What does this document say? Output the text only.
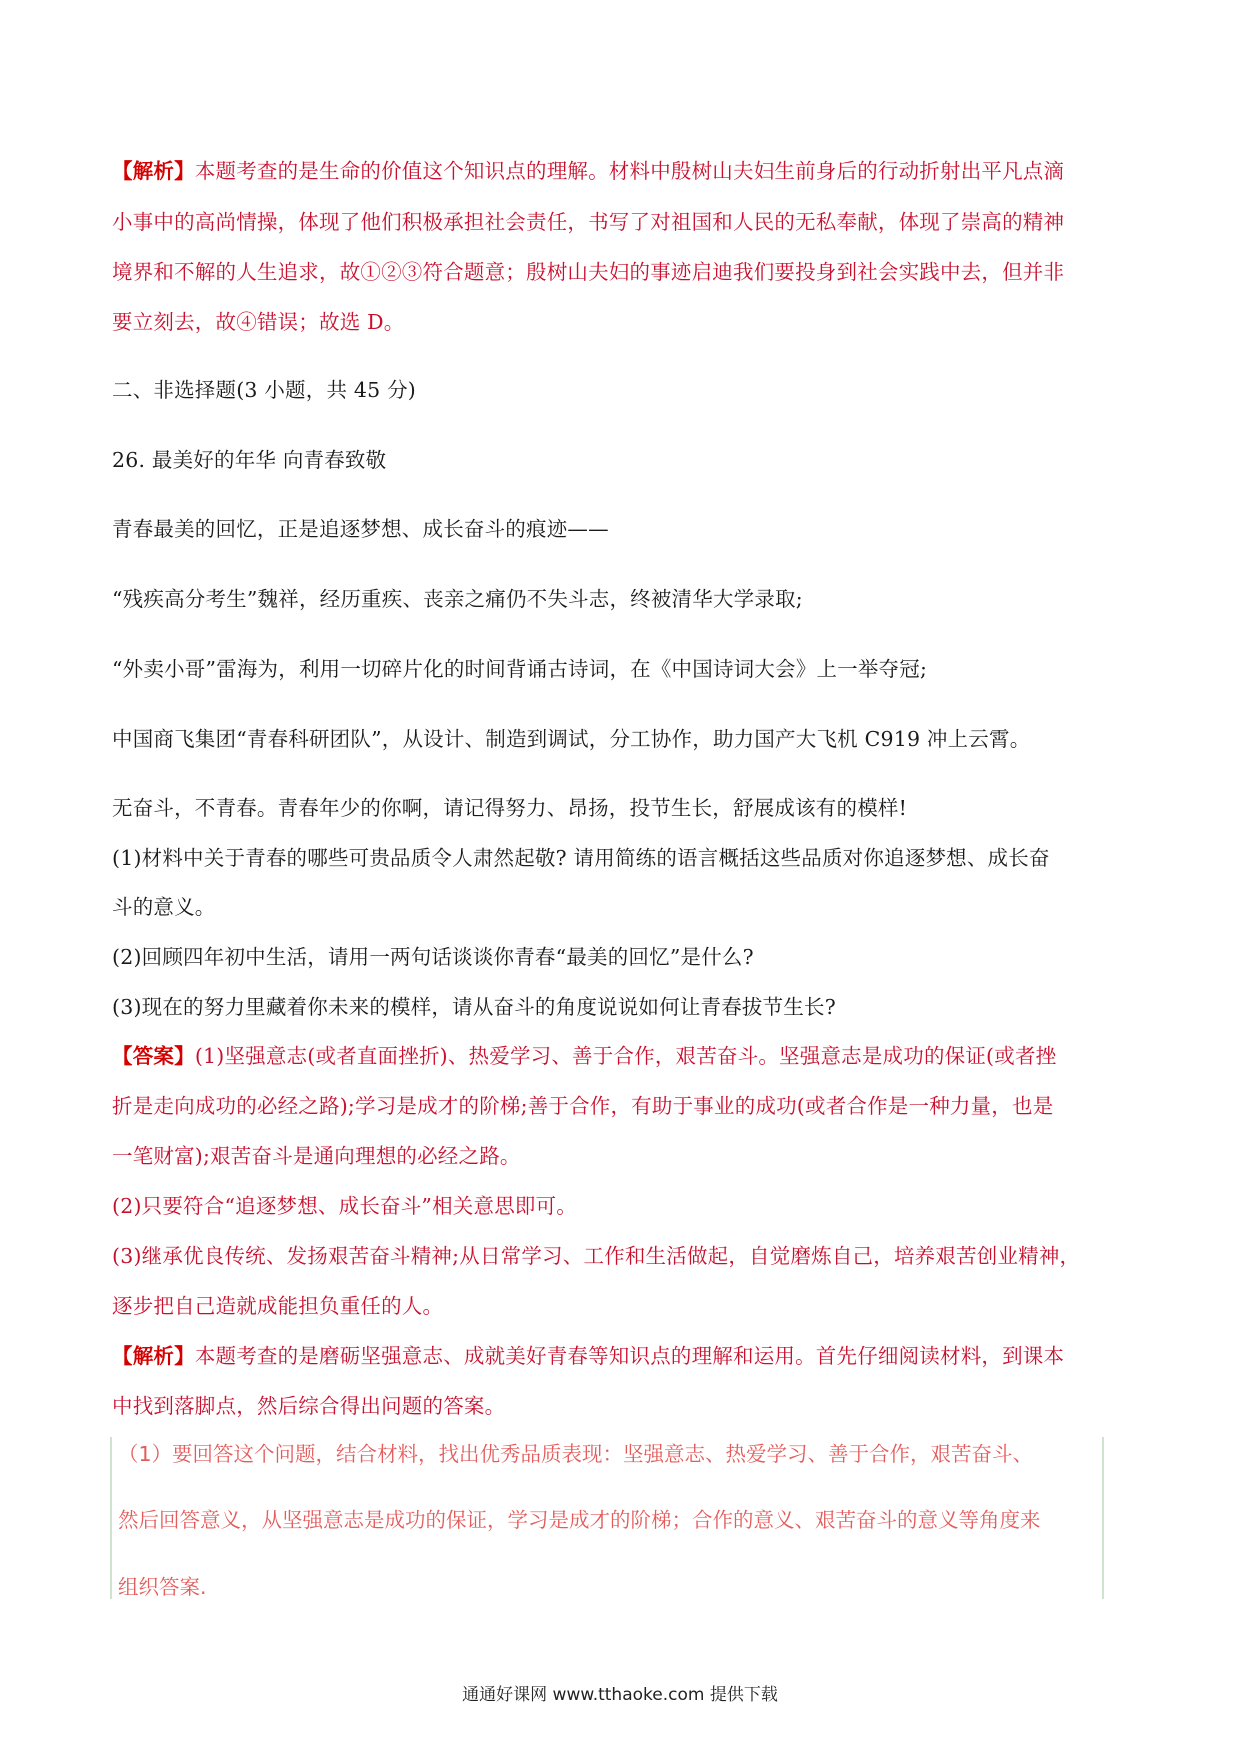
【解析】本题考查的是生命的价值这个知识点的理解。材料中殷树山夫妇生前身后的行动折射出平凡点滴
小事中的高尚情操，体现了他们积极承担社会责任，书写了对祖国和人民的无私奉献，体现了崇高的精神
境界和不解的人生追求，故①②③符合题意；殷树山夫妇的事迹启迪我们要投身到社会实践中去，但并非
要立刻去，故④错误；故选 D。
二、非选择题(3 小题，共 45 分)
26. 最美好的年华 向青春致敬
青春最美的回忆，正是追逐梦想、成长奋斗的痕迹——
“残疾高分考生”魏祥，经历重疾、丧亲之痛仍不失斗志，终被清华大学录取;
“外卖小哥”雷海为，利用一切碎片化的时间背诵古诗词，在《中国诗词大会》上一举夺冠;
中国商飞集团“青春科研团队”，从设计、制造到调试，分工协作，助力国产大飞机 C919 冲上云霄。
无奋斗，不青春。青春年少的你啊，请记得努力、昂扬，投节生长，舒展成该有的模样!
(1)材料中关于青春的哪些可贵品质令人肃然起敬? 请用简练的语言概括这些品质对你追逐梦想、成长奋
斗的意义。
(2)回顾四年初中生活，请用一两句话谈谈你青春“最美的回忆”是什么?
(3)现在的努力里藏着你未来的模样，请从奋斗的角度说说如何让青春拔节生长?
【答案】(1)坚强意志(或者直面挫折)、热爱学习、善于合作，艰苦奋斗。坚强意志是成功的保证(或者挫
折是走向成功的必经之路);学习是成才的阶梯;善于合作，有助于事业的成功(或者合作是一种力量，也是
一笔财富);艰苦奋斗是通向理想的必经之路。
(2)只要符合“追逐梦想、成长奋斗”相关意思即可。
(3)继承优良传统、发扬艰苦奋斗精神;从日常学习、工作和生活做起，自觉磨炼自己，培养艰苦创业精神，
逐步把自己造就成能担负重任的人。
【解析】本题考查的是磨砺坚强意志、成就美好青春等知识点的理解和运用。首先仔细阅读材料，到课本
中找到落脚点，然后综合得出问题的答案。
（1）要回答这个问题，结合材料，找出优秀品质表现：坚强意志、热爱学习、善于合作，艰苦奋斗、
然后回答意义，从坚强意志是成功的保证，学习是成才的阶梯；合作的意义、艰苦奋斗的意义等角度来
组织答案.
通通好课网 www.tthaoke.com 提供下载
